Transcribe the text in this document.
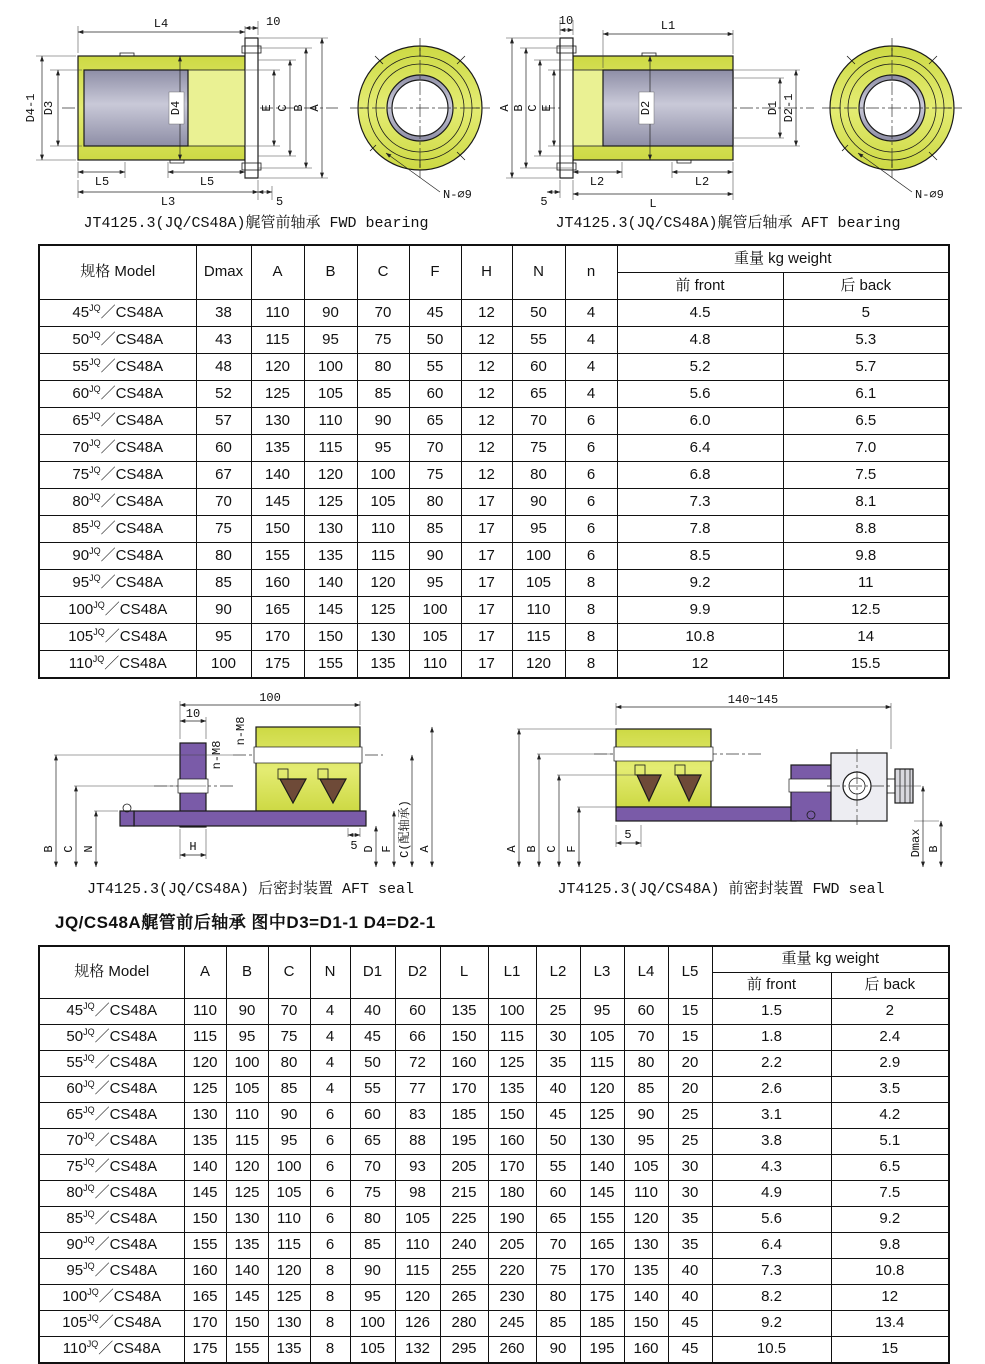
L4	10
D4-1 D3	D4	E C B A
L5	L5
L3	5	N-∅9
JT4125.3(JQ/CS48A)艉管前轴承 FWD bearing
10	L1
A B C E	D2	D1 D2-1
L2	L2
5	L
N-∅9
JT4125.3(JQ/CS48A)艉管后轴承 AFT bearing
规格 Model	Dmax	A	B	C	F	H	N	n	重量 kg weight	
									前 front	后 back
$45^{JQ}/CS48A$	38	110	90	70	45	12	50	4	4.5	5
$50^{JQ}/CS48A$	43	115	95	75	50	12	55	4	4.8	5.3
$55^{JQ}/CS48A$	48	120	100	80	55	12	60	4	5.2	5.7
$60^{JQ}/CS48A$	52	125	105	85	60	12	65	4	5.6	6.1
$65^{JQ}/CS48A$	57	130	110	90	65	12	70	6	6.0	6.5
$70^{JQ}/CS48A$	60	135	115	95	70	12	75	6	6.4	7.0
$75^{JQ}/CS48A$	67	140	120	100	75	12	80	6	6.8	7.5
$80^{JQ}/CS48A$	70	145	125	105	80	17	90	6	7.3	8.1
$85^{JQ}/CS48A$	75	150	130	110	85	17	95	6	7.8	8.8
$90^{JQ}/CS48A$	80	155	135	115	90	17	100	6	8.5	9.8
$95^{JQ}/CS48A$	85	160	140	120	95	17	105	8	9.2	11
$100^{JQ}/CS48A$	90	165	145	125	100	17	110	8	9.9	12.5
$105^{JQ}/CS48A$	95	170	150	130	105	17	115	8	10.8	14
$110^{JQ}/CS48A$	100	175	155	135	110	17	120	8	12	15.5
100
10
n-M8
n-M8
B C N	H	5 D F C(配轴承) A
JT4125.3(JQ/CS48A) 后密封装置 AFT seal
140~145
A B C F
5	Dmax B
JT4125.3(JQ/CS48A) 前密封装置 FWD seal
JQ/CS48A艉管前后轴承 图中D3=D1-1 D4=D2-1
规格 Model	A	B	C	N	D1	D2	L	L1	L2	L3	L4	L5	重量 kg weight	
													前 front	后 back
$45^{JQ}/CS48A$	110	90	70	4	40	60	135	100	25	95	60	15	1.5	2
$50^{JQ}/CS48A$	115	95	75	4	45	66	150	115	30	105	70	15	1.8	2.4
$55^{JQ}/CS48A$	120	100	80	4	50	72	160	125	35	115	80	20	2.2	2.9
$60^{JQ}/CS48A$	125	105	85	4	55	77	170	135	40	120	85	20	2.6	3.5
$65^{JQ}/CS48A$	130	110	90	6	60	83	185	150	45	125	90	25	3.1	4.2
$70^{JQ}/CS48A$	135	115	95	6	65	88	195	160	50	130	95	25	3.8	5.1
$75^{JQ}/CS48A$	140	120	100	6	70	93	205	170	55	140	105	30	4.3	6.5
$80^{JQ}/CS48A$	145	125	105	6	75	98	215	180	60	145	110	30	4.9	7.5
$85^{JQ}/CS48A$	150	130	110	6	80	105	225	190	65	155	120	35	5.6	9.2
$90^{JQ}/CS48A$	155	135	115	6	85	110	240	205	70	165	130	35	6.4	9.8
$95^{JQ}/CS48A$	160	140	120	8	90	115	255	220	75	170	135	40	7.3	10.8
$100^{JQ}/CS48A$	165	145	125	8	95	120	265	230	80	175	140	40	8.2	12
$105^{JQ}/CS48A$	170	150	130	8	100	126	280	245	85	185	150	45	9.2	13.4
$110^{JQ}/CS48A$	175	155	135	8	105	132	295	260	90	195	160	45	10.5	15
